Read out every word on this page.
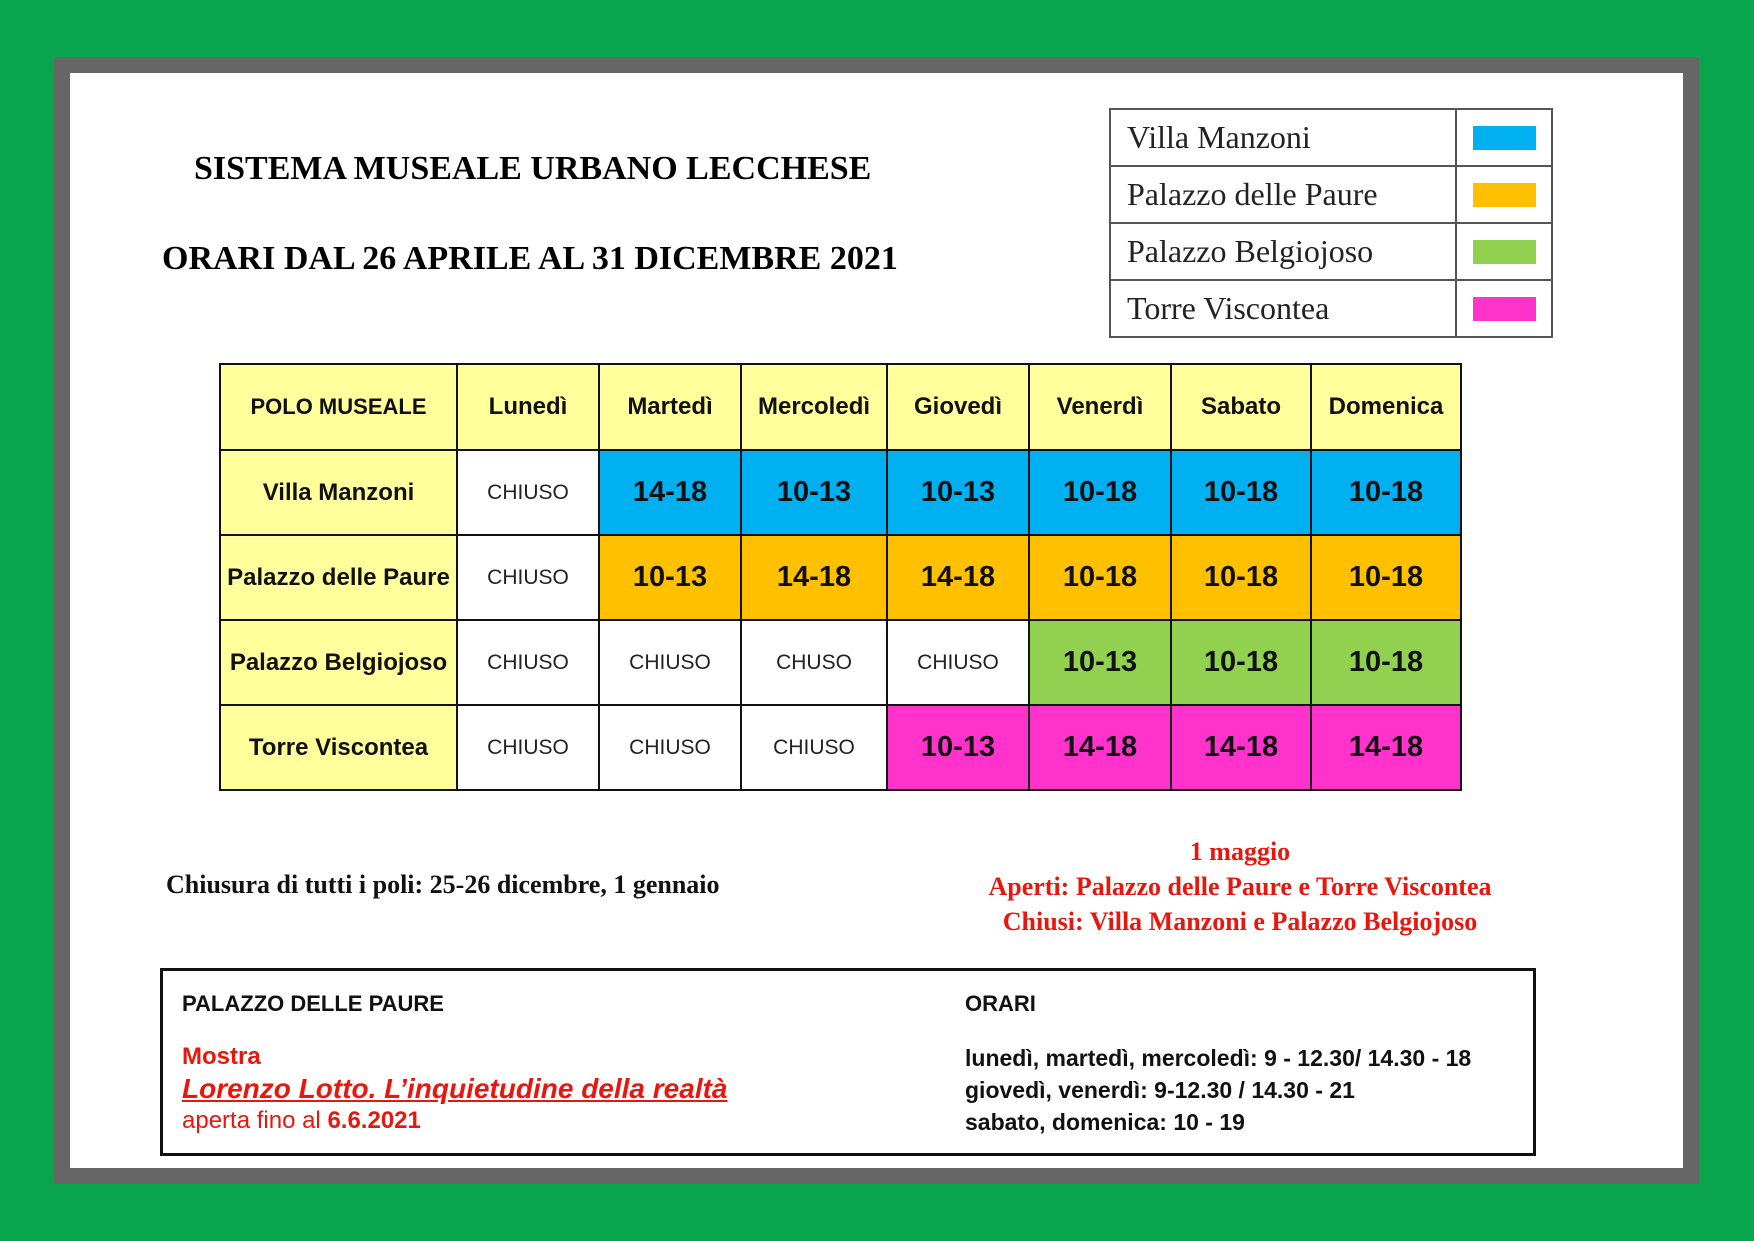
SISTEMA MUSEALE URBANO LECCHESE
ORARI DAL 26 APRILE AL 31 DICEMBRE 2021
Villa Manzoni	
Palazzo delle Paure	
Palazzo Belgiojoso	
Torre Viscontea	
POLO MUSEALE	Lunedì	Martedì	Mercoledì	Giovedì	Venerdì	Sabato	Domenica
Villa Manzoni	CHIUSO	14-18	10-13	10-13	10-18	10-18	10-18
Palazzo delle Paure	CHIUSO	10-13	14-18	14-18	10-18	10-18	10-18
Palazzo Belgiojoso	CHIUSO	CHIUSO	CHUSO	CHIUSO	10-13	10-18	10-18
Torre Viscontea	CHIUSO	CHIUSO	CHIUSO	10-13	14-18	14-18	14-18
Chiusura di tutti i poli: 25-26 dicembre, 1 gennaio
1 maggio
Aperti: Palazzo delle Paure e Torre Viscontea
Chiusi: Villa Manzoni e Palazzo Belgiojoso
PALAZZO DELLE PAURE
Mostra
Lorenzo Lotto. L’inquietudine della realtà
aperta fino al 6.6.2021
ORARI
lunedì, martedì, mercoledì: 9 - 12.30/ 14.30 - 18
giovedì, venerdì: 9-12.30 / 14.30 - 21
sabato, domenica: 10 - 19
